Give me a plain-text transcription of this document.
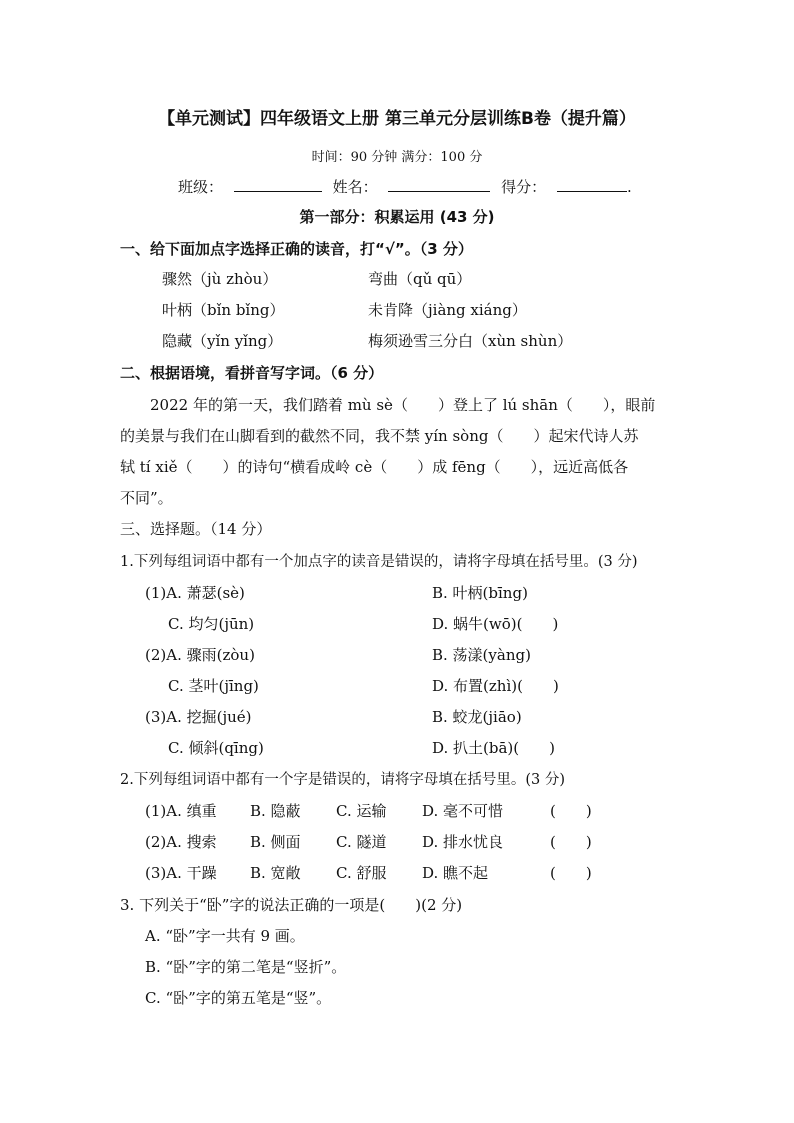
【单元测试】四年级语文上册 第三单元分层训练B卷（提升篇）
时间：90 分钟 满分：100 分
班级：	姓名：	得分：	.
第一部分：积累运用 (43 分)
一、给下面加点字选择正确的读音，打“√”。（3 分）
骤然（jù zhòu）	弯曲（qǔ qū）
叶柄（bǐn bǐng）	未肯降（jiàng xiáng）
隐藏（yǐn yǐng）	梅须逊雪三分白（xùn shùn）
二、根据语境，看拼音写字词。（6 分）
2022 年的第一天，我们踏着 mù sè（　　）登上了 lú shān（　　），眼前
的美景与我们在山脚看到的截然不同，我不禁 yín sòng（　　）起宋代诗人苏
轼 tí xiě（　　）的诗句“横看成岭 cè（　　）成 fēng（　　），远近高低各
不同”。
三、选择题。（14 分）
1.下列每组词语中都有一个加点字的读音是错误的，请将字母填在括号里。(3 分)
(1)A. 萧瑟(sè)	B. 叶柄(bīng)
C. 均匀(jūn)	D. 蜗牛(wō)(　　)
(2)A. 骤雨(zòu)	B. 荡漾(yàng)
C. 茎叶(jīng)	D. 布置(zhì)(　　)
(3)A. 挖掘(jué)	B. 蛟龙(jiāo)
C. 倾斜(qīng)	D. 扒土(bā)(　　)
2.下列每组词语中都有一个字是错误的，请将字母填在括号里。(3 分)
(1)A. 缜重 B. 隐蔽 C. 运输 D. 毫不可惜	(　　)
(2)A. 搜索 B. 侧面 C. 隧道 D. 排水忧良	(　　)
(3)A. 干躁 B. 宽敞 C. 舒服 D. 瞧不起	(　　)
3. 下列关于“卧”字的说法正确的一项是(　　)(2 分)
A. “卧”字一共有 9 画。
B. “卧”字的第二笔是“竖折”。
C. “卧”字的第五笔是“竖”。
